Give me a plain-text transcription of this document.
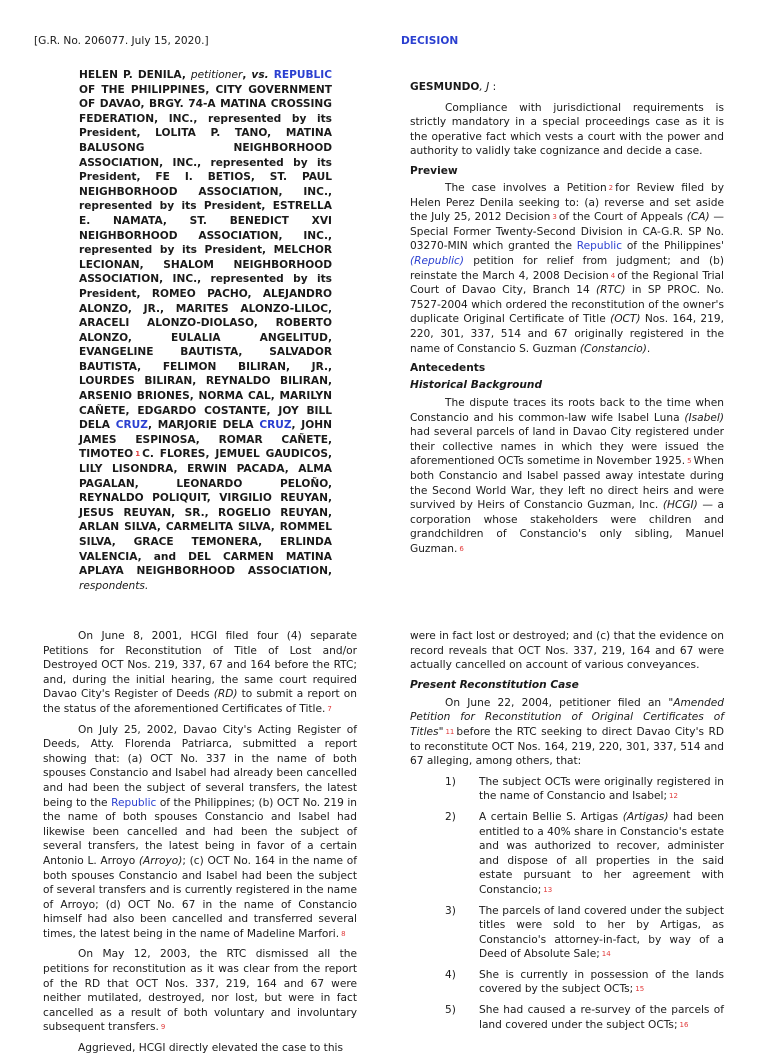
[G.R. No. 206077. July 15, 2020.]	DECISION

HELEN P. DENILA, petitioner, vs. REPUBLIC OF THE PHILIPPINES, CITY GOVERNMENT OF DAVAO, BRGY. 74-A MATINA CROSSING FEDERATION, INC., represented by its President, LOLITA P. TANO, MATINA BALUSONG NEIGHBORHOOD ASSOCIATION, INC., represented by its President, FE I. BETIOS, ST. PAUL NEIGHBORHOOD ASSOCIATION, INC., represented by its President, ESTRELLA E. NAMATA, ST. BENEDICT XVI NEIGHBORHOOD ASSOCIATION, INC., represented by its President, MELCHOR LECIONAN, SHALOM NEIGHBORHOOD ASSOCIATION, INC., represented by its President, ROMEO PACHO, ALEJANDRO ALONZO, JR., MARITES ALONZO-LILOC, ARACELI ALONZO-DIOLASO, ROBERTO ALONZO, EULALIA ANGELITUD, EVANGELINE BAUTISTA, SALVADOR BAUTISTA, FELIMON BILIRAN, JR., LOURDES BILIRAN, REYNALDO BILIRAN, ARSENIO BRIONES, NORMA CAL, MARILYN CAÑETE, EDGARDO COSTANTE, JOY BILL DELA CRUZ, MARJORIE DELA CRUZ, JOHN JAMES ESPINOSA, ROMAR CAÑETE, TIMOTEO 1 C. FLORES, JEMUEL GAUDICOS, LILY LISONDRA, ERWIN PACADA, ALMA PAGALAN, LEONARDO PELOÑO, REYNALDO POLIQUIT, VIRGILIO REUYAN, JESUS REUYAN, SR., ROGELIO REUYAN, ARLAN SILVA, CARMELITA SILVA, ROMMEL SILVA, GRACE TEMONERA, ERLINDA VALENCIA, and DEL CARMEN MATINA APLAYA NEIGHBORHOOD ASSOCIATION, respondents.

GESMUNDO, J :

Compliance with jurisdictional requirements is strictly mandatory in a special proceedings case as it is the operative fact which vests a court with the power and authority to validly take cognizance and decide a case.

Preview

The case involves a Petition 2 for Review filed by Helen Perez Denila seeking to: (a) reverse and set aside the July 25, 2012 Decision 3 of the Court of Appeals (CA) — Special Former Twenty-Second Division in CA-G.R. SP No. 03270-MIN which granted the Republic of the Philippines' (Republic) petition for relief from judgment; and (b) reinstate the March 4, 2008 Decision 4 of the Regional Trial Court of Davao City, Branch 14 (RTC) in SP PROC. No. 7527-2004 which ordered the reconstitution of the owner's duplicate Original Certificate of Title (OCT) Nos. 164, 219, 220, 301, 337, 514 and 67 originally registered in the name of Constancio S. Guzman (Constancio).

Antecedents

Historical Background

The dispute traces its roots back to the time when Constancio and his common-law wife Isabel Luna (Isabel) had several parcels of land in Davao City registered under their collective names in which they were issued the aforementioned OCTs sometime in November 1925. 5 When both Constancio and Isabel passed away intestate during the Second World War, they left no direct heirs and were survived by Heirs of Constancio Guzman, Inc. (HCGI) — a corporation whose stakeholders were children and grandchildren of Constancio's only sibling, Manuel Guzman. 6

On June 8, 2001, HCGI filed four (4) separate Petitions for Reconstitution of Title of Lost and/or Destroyed OCT Nos. 219, 337, 67 and 164 before the RTC; and, during the initial hearing, the same court required Davao City's Register of Deeds (RD) to submit a report on the status of the aforementioned Certificates of Title. 7

On July 25, 2002, Davao City's Acting Register of Deeds, Atty. Florenda Patriarca, submitted a report showing that: (a) OCT No. 337 in the name of both spouses Constancio and Isabel had already been cancelled and had been the subject of several transfers, the latest being to the Republic of the Philippines; (b) OCT No. 219 in the name of both spouses Constancio and Isabel had likewise been cancelled and had been the subject of several transfers, the latest being in favor of a certain Antonio L. Arroyo (Arroyo); (c) OCT No. 164 in the name of both spouses Constancio and Isabel had been the subject of several transfers and is currently registered in the name of Arroyo; (d) OCT No. 67 in the name of Constancio himself had also been cancelled and transferred several times, the latest being in the name of Madeline Marfori. 8

On May 12, 2003, the RTC dismissed all the petitions for reconstitution as it was clear from the report of the RD that OCT Nos. 337, 219, 164 and 67 were neither mutilated, destroyed, nor lost, but were in fact cancelled as a result of both voluntary and involuntary subsequent transfers. 9

Aggrieved, HCGI directly elevated the case to this

were in fact lost or destroyed; and (c) that the evidence on record reveals that OCT Nos. 337, 219, 164 and 67 were actually cancelled on account of various conveyances.

Present Reconstitution Case

On June 22, 2004, petitioner filed an "Amended Petition for Reconstitution of Original Certificates of Titles" 11 before the RTC seeking to direct Davao City's RD to reconstitute OCT Nos. 164, 219, 220, 301, 337, 514 and 67 alleging, among others, that:

1) The subject OCTs were originally registered in the name of Constancio and Isabel; 12
2) A certain Bellie S. Artigas (Artigas) had been entitled to a 40% share in Constancio's estate and was authorized to recover, administer and dispose of all properties in the said estate pursuant to her agreement with Constancio; 13
3) The parcels of land covered under the subject titles were sold to her by Artigas, as Constancio's attorney-in-fact, by way of a Deed of Absolute Sale; 14
4) She is currently in possession of the lands covered by the subject OCTs; 15
5) She had caused a re-survey of the parcels of land covered under the subject OCTs; 16
